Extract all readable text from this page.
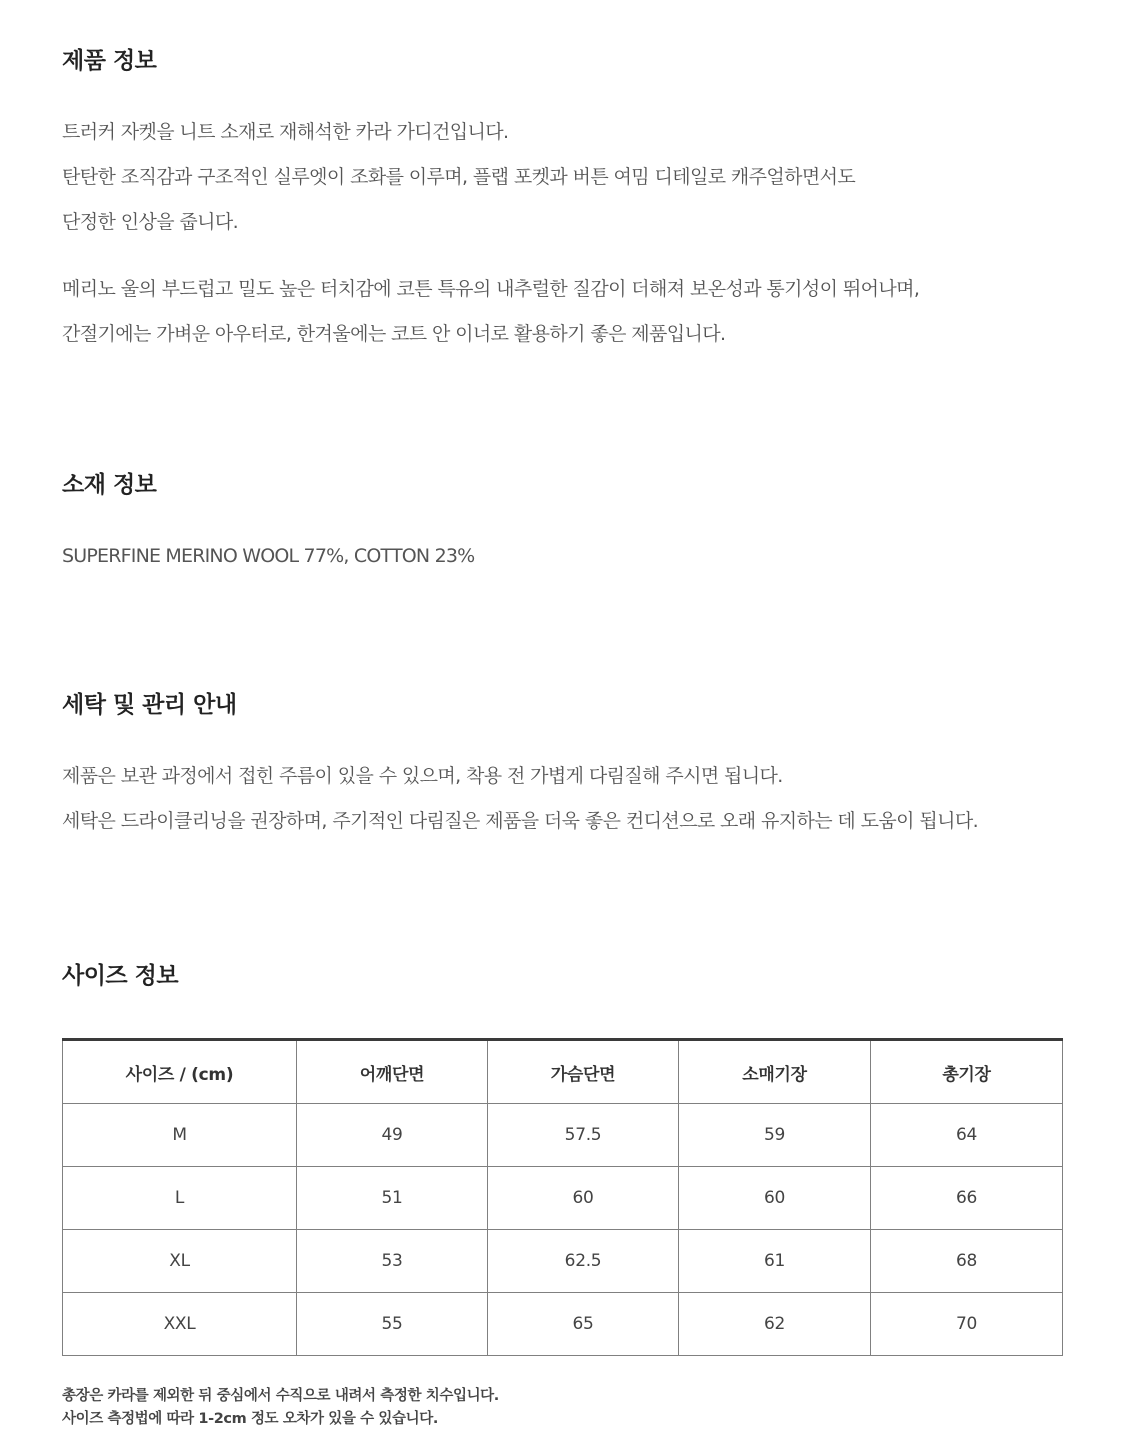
제품 정보

트러커 자켓을 니트 소재로 재해석한 카라 가디건입니다.
탄탄한 조직감과 구조적인 실루엣이 조화를 이루며, 플랩 포켓과 버튼 여밈 디테일로 캐주얼하면서도
단정한 인상을 줍니다.

메리노 울의 부드럽고 밀도 높은 터치감에 코튼 특유의 내추럴한 질감이 더해져 보온성과 통기성이 뛰어나며,
간절기에는 가벼운 아우터로, 한겨울에는 코트 안 이너로 활용하기 좋은 제품입니다.

소재 정보

SUPERFINE MERINO WOOL 77%, COTTON 23%

세탁 및 관리 안내

제품은 보관 과정에서 접힌 주름이 있을 수 있으며, 착용 전 가볍게 다림질해 주시면 됩니다.
세탁은 드라이클리닝을 권장하며, 주기적인 다림질은 제품을 더욱 좋은 컨디션으로 오래 유지하는 데 도움이 됩니다.

사이즈 정보
사이즈 / (cm)	어깨단면	가슴단면	소매기장	총기장
M	49	57.5	59	64
L	51	60	60	66
XL	53	62.5	61	68
XXL	55	65	62	70

총장은 카라를 제외한 뒤 중심에서 수직으로 내려서 측정한 치수입니다.
사이즈 측정법에 따라 1-2cm 정도 오차가 있을 수 있습니다.
